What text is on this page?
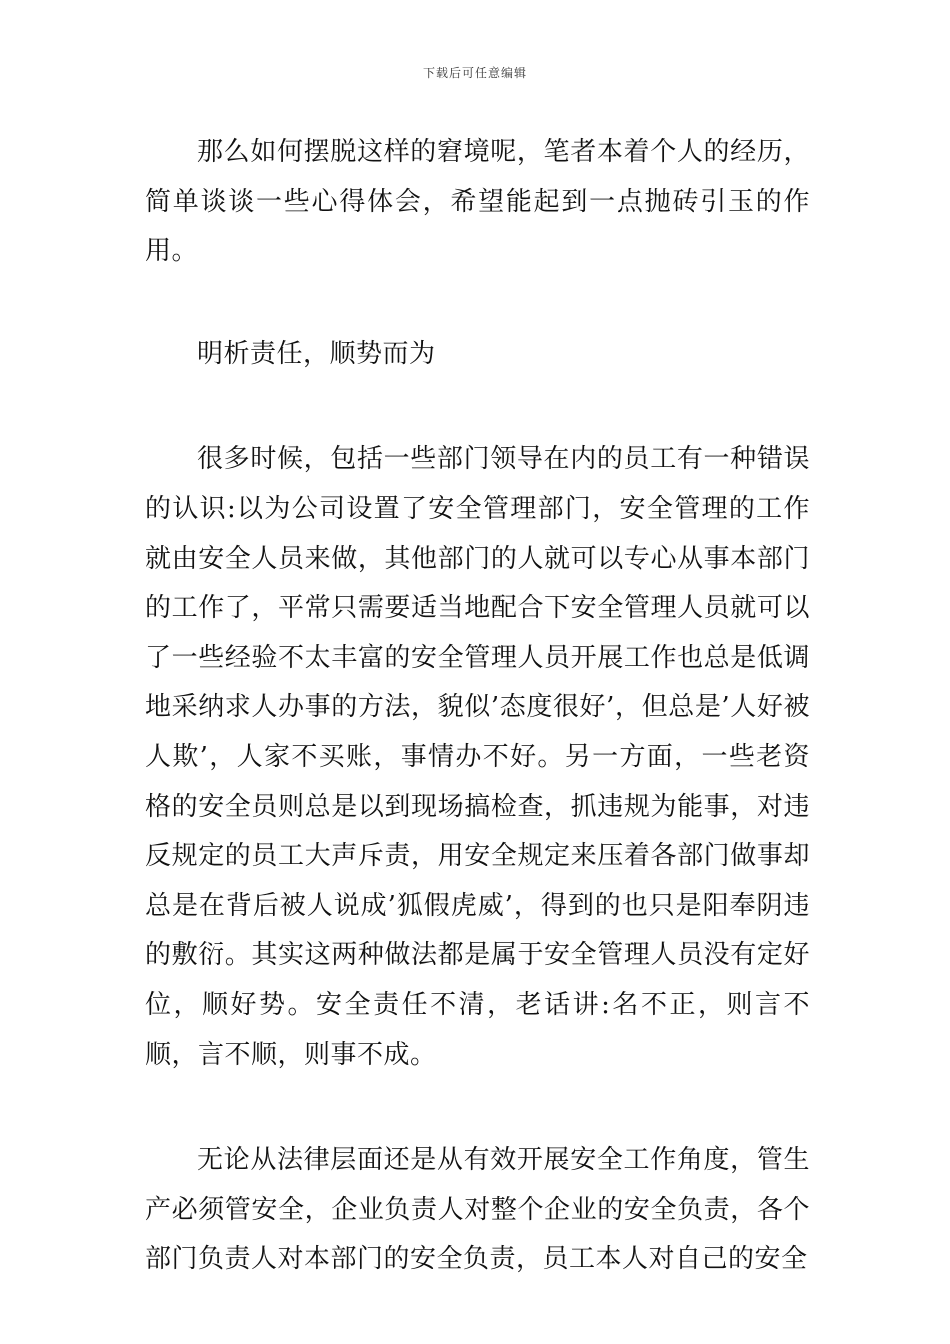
下载后可任意编辑

那么如何摆脱这样的窘境呢，笔者本着个人的经历，简单谈谈一些心得体会，希望能起到一点抛砖引玉的作用。

明析责任，顺势而为

很多时候，包括一些部门领导在内的员工有一种错误的认识:以为公司设置了安全管理部门，安全管理的工作就由安全人员来做，其他部门的人就可以专心从事本部门的工作了，平常只需要适当地配合下安全管理人员就可以了一些经验不太丰富的安全管理人员开展工作也总是低调地采纳求人办事的方法，貌似’态度很好’，但总是’人好被人欺’，人家不买账，事情办不好。另一方面，一些老资格的安全员则总是以到现场搞检查，抓违规为能事，对违反规定的员工大声斥责，用安全规定来压着各部门做事却总是在背后被人说成’狐假虎威’，得到的也只是阳奉阴违的敷衍。其实这两种做法都是属于安全管理人员没有定好位，顺好势。安全责任不清，老话讲:名不正，则言不顺，言不顺，则事不成。

无论从法律层面还是从有效开展安全工作角度，管生产必须管安全，企业负责人对整个企业的安全负责，各个部门负责人对本部门的安全负责，员工本人对自己的安全
